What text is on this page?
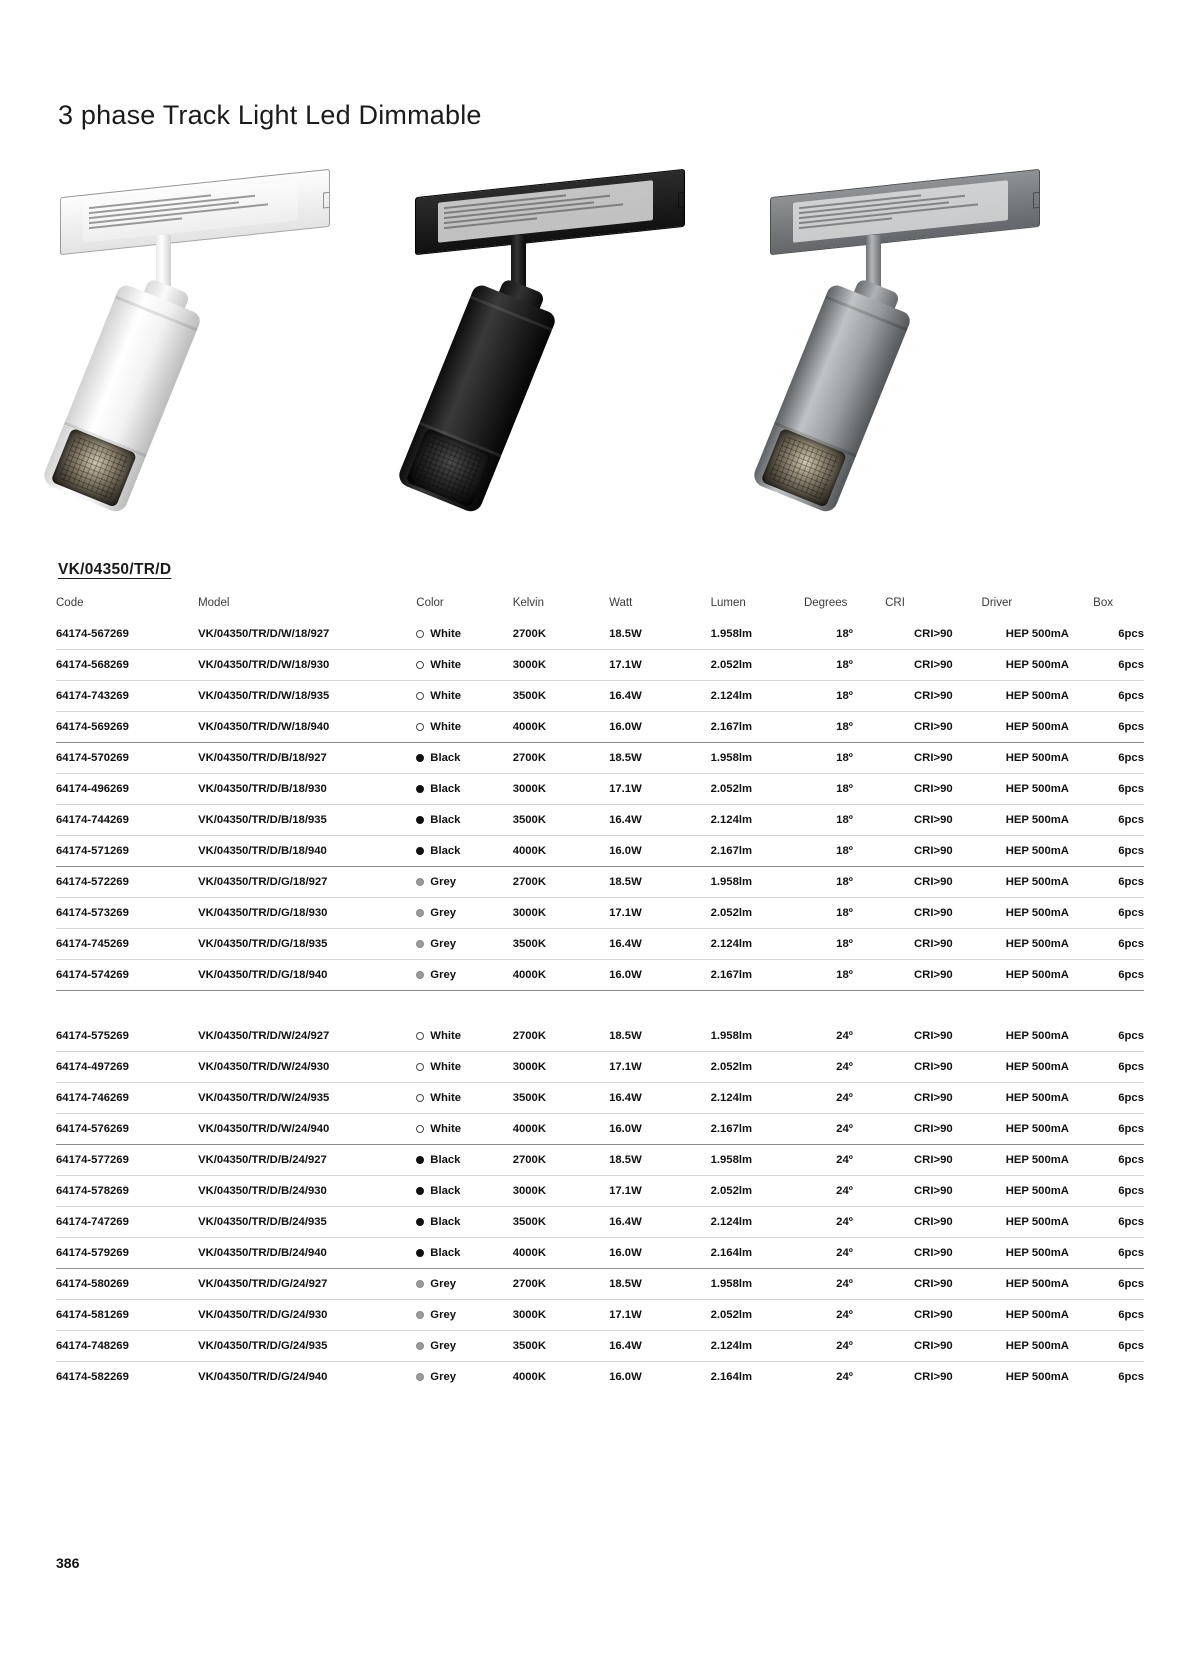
3 phase Track Light Led Dimmable
VK/04350/TR/D
Code	Model	Color	Kelvin	Watt	Lumen	Degrees	CRI	Driver	Box
64174-567269	VK/04350/TR/D/W/18/927	White	2700K	18.5W	1.958lm	18º	CRI>90	HEP 500mA	6pcs
64174-568269	VK/04350/TR/D/W/18/930	White	3000K	17.1W	2.052lm	18º	CRI>90	HEP 500mA	6pcs
64174-743269	VK/04350/TR/D/W/18/935	White	3500K	16.4W	2.124lm	18º	CRI>90	HEP 500mA	6pcs
64174-569269	VK/04350/TR/D/W/18/940	White	4000K	16.0W	2.167lm	18º	CRI>90	HEP 500mA	6pcs
64174-570269	VK/04350/TR/D/B/18/927	Black	2700K	18.5W	1.958lm	18º	CRI>90	HEP 500mA	6pcs
64174-496269	VK/04350/TR/D/B/18/930	Black	3000K	17.1W	2.052lm	18º	CRI>90	HEP 500mA	6pcs
64174-744269	VK/04350/TR/D/B/18/935	Black	3500K	16.4W	2.124lm	18º	CRI>90	HEP 500mA	6pcs
64174-571269	VK/04350/TR/D/B/18/940	Black	4000K	16.0W	2.167lm	18º	CRI>90	HEP 500mA	6pcs
64174-572269	VK/04350/TR/D/G/18/927	Grey	2700K	18.5W	1.958lm	18º	CRI>90	HEP 500mA	6pcs
64174-573269	VK/04350/TR/D/G/18/930	Grey	3000K	17.1W	2.052lm	18º	CRI>90	HEP 500mA	6pcs
64174-745269	VK/04350/TR/D/G/18/935	Grey	3500K	16.4W	2.124lm	18º	CRI>90	HEP 500mA	6pcs
64174-574269	VK/04350/TR/D/G/18/940	Grey	4000K	16.0W	2.167lm	18º	CRI>90	HEP 500mA	6pcs

64174-575269	VK/04350/TR/D/W/24/927	White	2700K	18.5W	1.958lm	24º	CRI>90	HEP 500mA	6pcs
64174-497269	VK/04350/TR/D/W/24/930	White	3000K	17.1W	2.052lm	24º	CRI>90	HEP 500mA	6pcs
64174-746269	VK/04350/TR/D/W/24/935	White	3500K	16.4W	2.124lm	24º	CRI>90	HEP 500mA	6pcs
64174-576269	VK/04350/TR/D/W/24/940	White	4000K	16.0W	2.167lm	24º	CRI>90	HEP 500mA	6pcs
64174-577269	VK/04350/TR/D/B/24/927	Black	2700K	18.5W	1.958lm	24º	CRI>90	HEP 500mA	6pcs
64174-578269	VK/04350/TR/D/B/24/930	Black	3000K	17.1W	2.052lm	24º	CRI>90	HEP 500mA	6pcs
64174-747269	VK/04350/TR/D/B/24/935	Black	3500K	16.4W	2.124lm	24º	CRI>90	HEP 500mA	6pcs
64174-579269	VK/04350/TR/D/B/24/940	Black	4000K	16.0W	2.164lm	24º	CRI>90	HEP 500mA	6pcs
64174-580269	VK/04350/TR/D/G/24/927	Grey	2700K	18.5W	1.958lm	24º	CRI>90	HEP 500mA	6pcs
64174-581269	VK/04350/TR/D/G/24/930	Grey	3000K	17.1W	2.052lm	24º	CRI>90	HEP 500mA	6pcs
64174-748269	VK/04350/TR/D/G/24/935	Grey	3500K	16.4W	2.124lm	24º	CRI>90	HEP 500mA	6pcs
64174-582269	VK/04350/TR/D/G/24/940	Grey	4000K	16.0W	2.164lm	24º	CRI>90	HEP 500mA	6pcs
386
